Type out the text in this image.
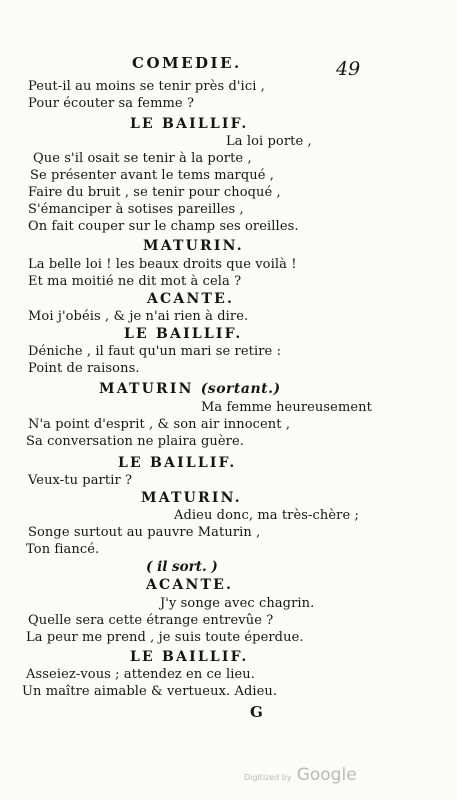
COMEDIE.	49
Peut-il au moins se tenir près d'ici ,
Pour écouter sa femme ?
LE BAILLIF.
La loi porte ,
Que s'il osait se tenir à la porte ,
Se présenter avant le tems marqué ,
Faire du bruit , se tenir pour choqué ,
S'émanciper à sotises pareilles ,
On fait couper sur le champ ses oreilles.
MATURIN.
La belle loi ! les beaux droits que voilà !
Et ma moitié ne dit mot à cela ?
ACANTE.
Moi j'obéis , & je n'ai rien à dire.
LE BAILLIF.
Déniche , il faut qu'un mari se retire :
Point de raisons.
MATURIN (sortant.)
Ma femme heureusement
N'a point d'esprit , & son air innocent ,
Sa conversation ne plaira guère.
LE BAILLIF.
Veux-tu partir ?
MATURIN.
Adieu donc, ma très-chère ;
Songe surtout au pauvre Maturin ,
Ton fiancé.
( il sort. )
ACANTE.
J'y songe avec chagrin.
Quelle sera cette étrange entrevûe ?
La peur me prend , je suis toute éperdue.
LE BAILLIF.
Asseiez-vous ; attendez en ce lieu.
Un maître aimable & vertueux. Adieu.
G
Digitized by Google
